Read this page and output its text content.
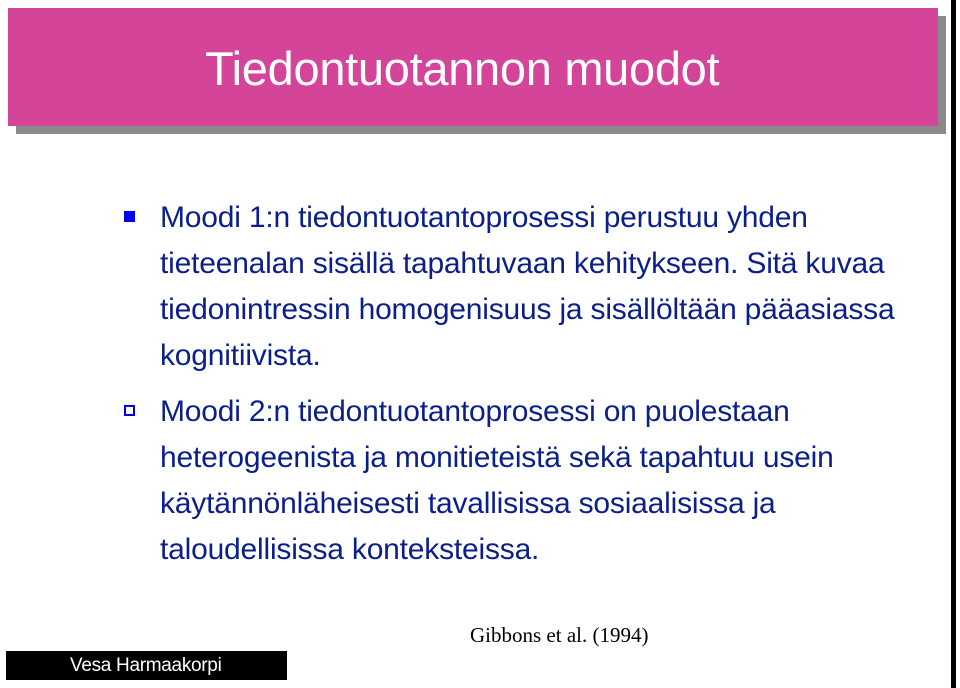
Tiedontuotannon muodot
Moodi 1:n tiedontuotantoprosessi perustuu yhden tieteenalan sisällä tapahtuvaan kehitykseen. Sitä kuvaa tiedonintressin homogenisuus ja sisällöltään pääasiassa kognitiivista.
Moodi 2:n tiedontuotantoprosessi on puolestaan heterogeenista ja monitieteistä sekä tapahtuu usein käytännönläheisesti tavallisissa sosiaalisissa ja taloudellisissa konteksteissa.
Gibbons et al. (1994)
Vesa Harmaakorpi
